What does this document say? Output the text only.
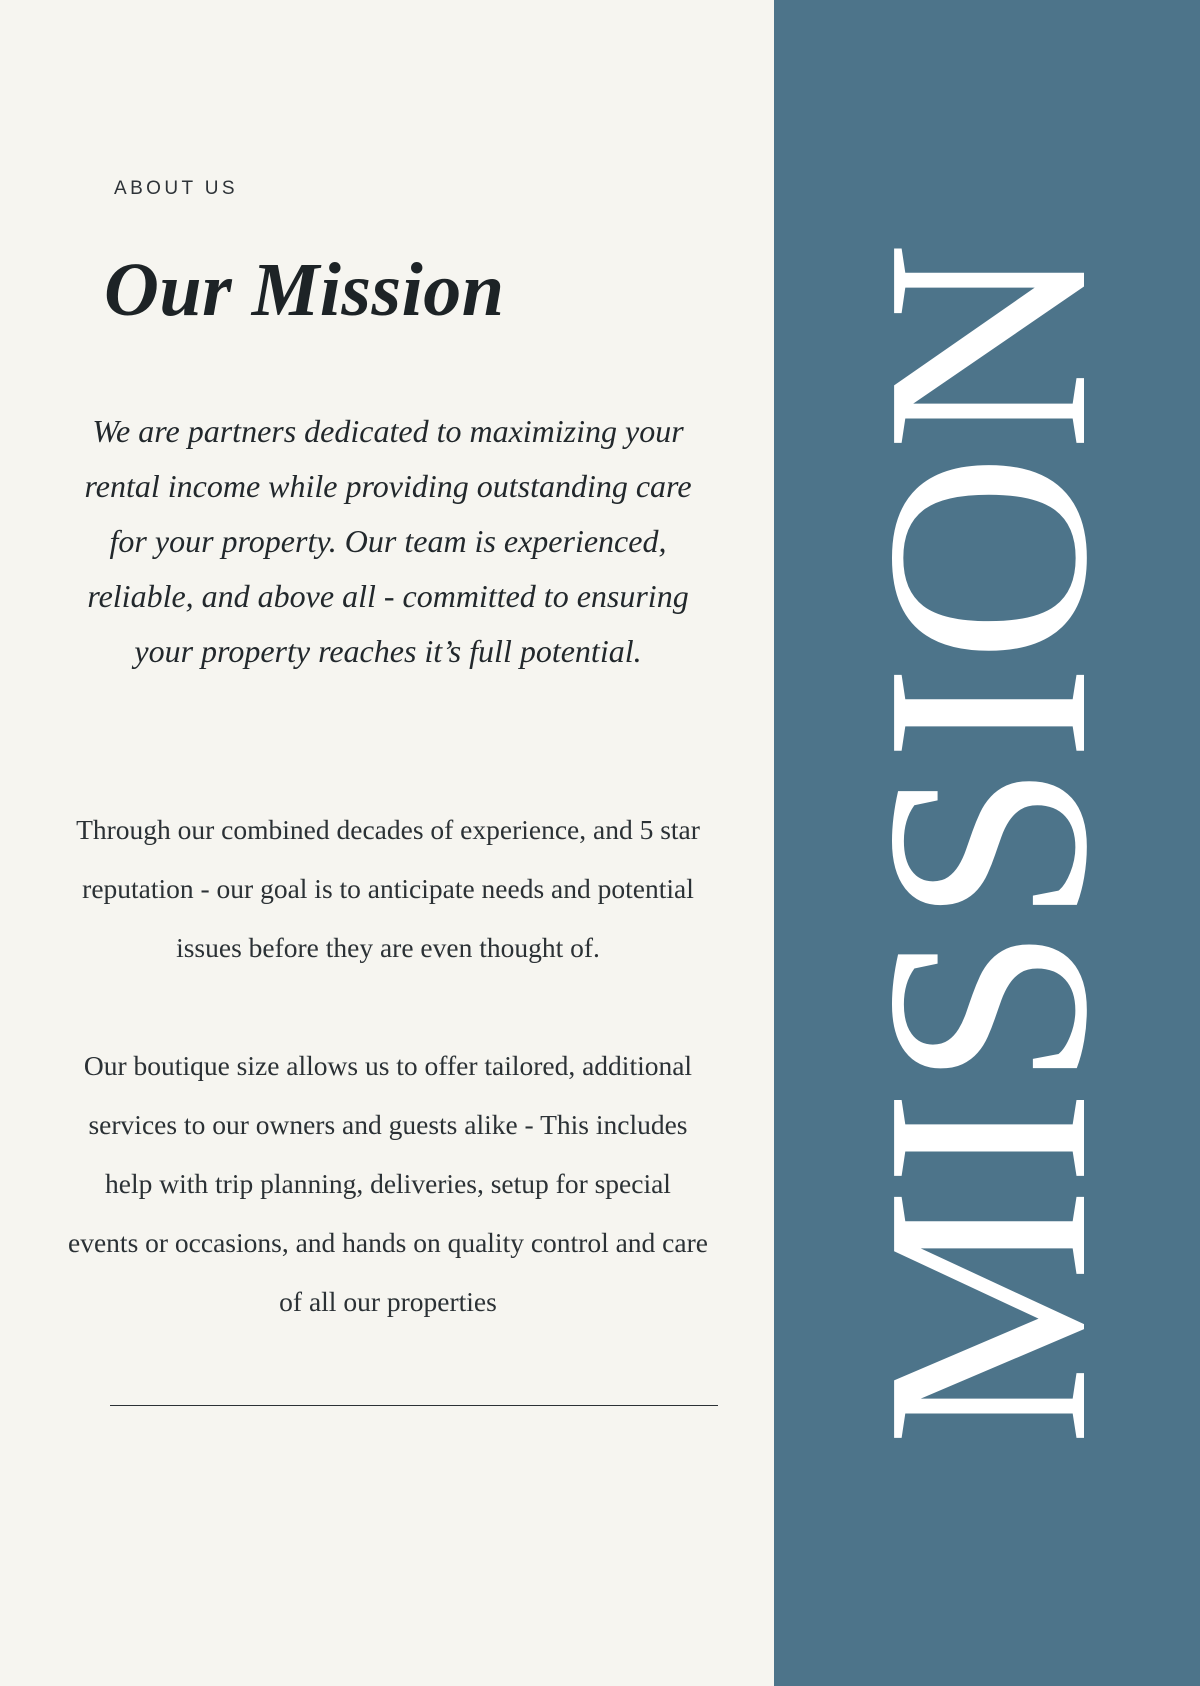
ABOUT US
Our Mission

We are partners dedicated to maximizing your rental income while providing outstanding care for your property. Our team is experienced, reliable, and above all - committed to ensuring your property reaches it’s full potential.

Through our combined decades of experience, and 5 star reputation - our goal is to anticipate needs and potential issues before they are even thought of.

Our boutique size allows us to offer tailored, additional services to our owners and guests alike - This includes help with trip planning, deliveries, setup for special events or occasions, and hands on quality control and care of all our properties	MISSION
